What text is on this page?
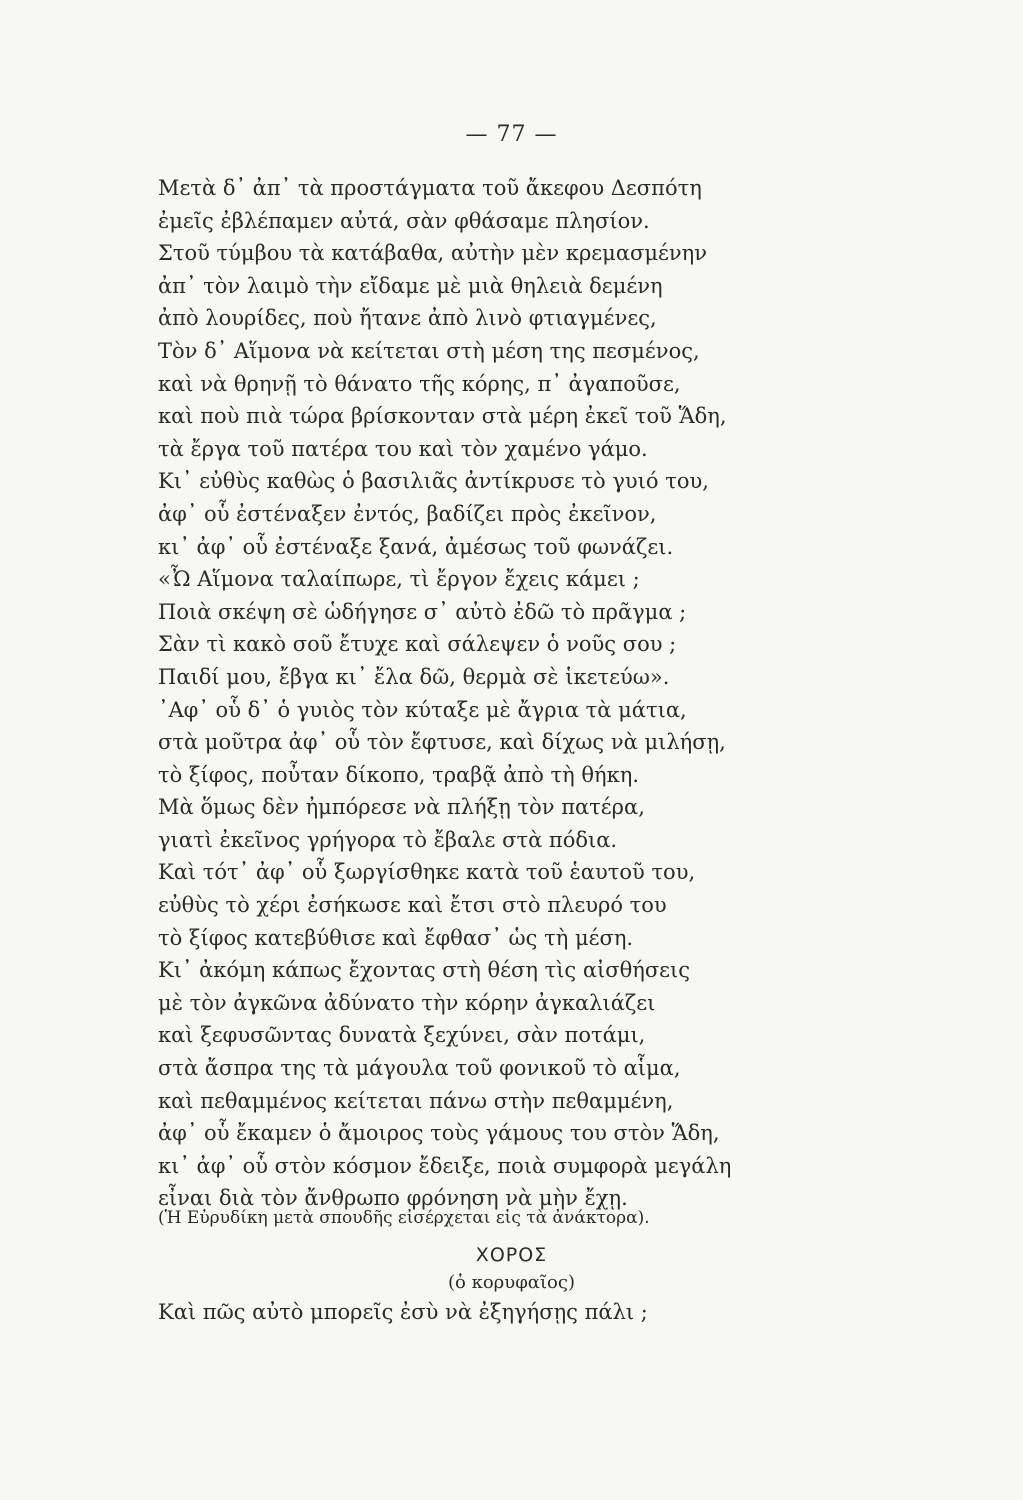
— 77 —
Μετὰ δ᾽ ἀπ᾽ τὰ προστάγματα τοῦ ἄκεφου Δεσπότη
ἐμεῖς ἐβλέπαμεν αὐτά, σὰν φθάσαμε πλησίον.
Στοῦ τύμβου τὰ κατάβαθα, αὐτὴν μὲν κρεμασμένην
ἀπ᾽ τὸν λαιμὸ τὴν εἴδαμε μὲ μιὰ θηλειὰ δεμένη
ἀπὸ λουρίδες, ποὺ ἤτανε ἀπὸ λινὸ φτιαγμένες,
Τὸν δ᾽ Αἵμονα νὰ κείτεται στὴ μέση της πεσμένος,
καὶ νὰ θρηνῇ τὸ θάνατο τῆς κόρης, π᾽ ἀγαποῦσε,
καὶ ποὺ πιὰ τώρα βρίσκονταν στὰ μέρη ἐκεῖ τοῦ Ἅδη,
τὰ ἔργα τοῦ πατέρα του καὶ τὸν χαμένο γάμο.
Κι᾽ εὐθὺς καθὼς ὁ βασιλιᾶς ἀντίκρυσε τὸ γυιό του,
ἀφ᾽ οὗ ἐστέναξεν ἐντός, βαδίζει πρὸς ἐκεῖνον,
κι᾽ ἀφ᾽ οὗ ἐστέναξε ξανά, ἀμέσως τοῦ φωνάζει.
«Ὦ Αἵμονα ταλαίπωρε, τὶ ἔργον ἔχεις κάμει ;
Ποιὰ σκέψη σὲ ὡδήγησε σ᾽ αὐτὸ ἐδῶ τὸ πρᾶγμα ;
Σὰν τὶ κακὸ σοῦ ἔτυχε καὶ σάλεψεν ὁ νοῦς σου ;
Παιδί μου, ἔβγα κι᾽ ἔλα δῶ, θερμὰ σὲ ἱκετεύω».
᾽Αφ᾽ οὗ δ᾽ ὁ γυιὸς τὸν κύταξε μὲ ἄγρια τὰ μάτια,
στὰ μοῦτρα ἀφ᾽ οὗ τὸν ἔφτυσε, καὶ δίχως νὰ μιλήσῃ,
τὸ ξίφος, ποὖταν δίκοπο, τραβᾷ ἀπὸ τὴ θήκη.
Μὰ ὅμως δὲν ἠμπόρεσε νὰ πλήξῃ τὸν πατέρα,
γιατὶ ἐκεῖνος γρήγορα τὸ ἔβαλε στὰ πόδια.
Καὶ τότ᾽ ἀφ᾽ οὗ ξωργίσθηκε κατὰ τοῦ ἑαυτοῦ του,
εὐθὺς τὸ χέρι ἐσήκωσε καὶ ἔτσι στὸ πλευρό του
τὸ ξίφος κατεβύθισε καὶ ἔφθασ᾽ ὡς τὴ μέση.
Κι᾽ ἀκόμη κάπως ἔχοντας στὴ θέση τὶς αἰσθήσεις
μὲ τὸν ἀγκῶνα ἀδύνατο τὴν κόρην ἀγκαλιάζει
καὶ ξεφυσῶντας δυνατὰ ξεχύνει, σὰν ποτάμι,
στὰ ἄσπρα της τὰ μάγουλα τοῦ φονικοῦ τὸ αἷμα,
καὶ πεθαμμένος κείτεται πάνω στὴν πεθαμμένη,
ἀφ᾽ οὗ ἔκαμεν ὁ ἄμοιρος τοὺς γάμους του στὸν Ἅδη,
κι᾽ ἀφ᾽ οὗ στὸν κόσμον ἔδειξε, ποιὰ συμφορὰ μεγάλη
εἶναι διὰ τὸν ἄνθρωπο φρόνηση νὰ μὴν ἔχῃ.
(Ἡ Εὐρυδίκη μετὰ σπουδῆς εἰσέρχεται εἰς τὰ ἀνάκτορα).
ΧΟΡΟΣ
(ὁ κορυφαῖος)
Καὶ πῶς αὐτὸ μπορεῖς ἐσὺ νὰ ἐξηγήσῃς πάλι ;
